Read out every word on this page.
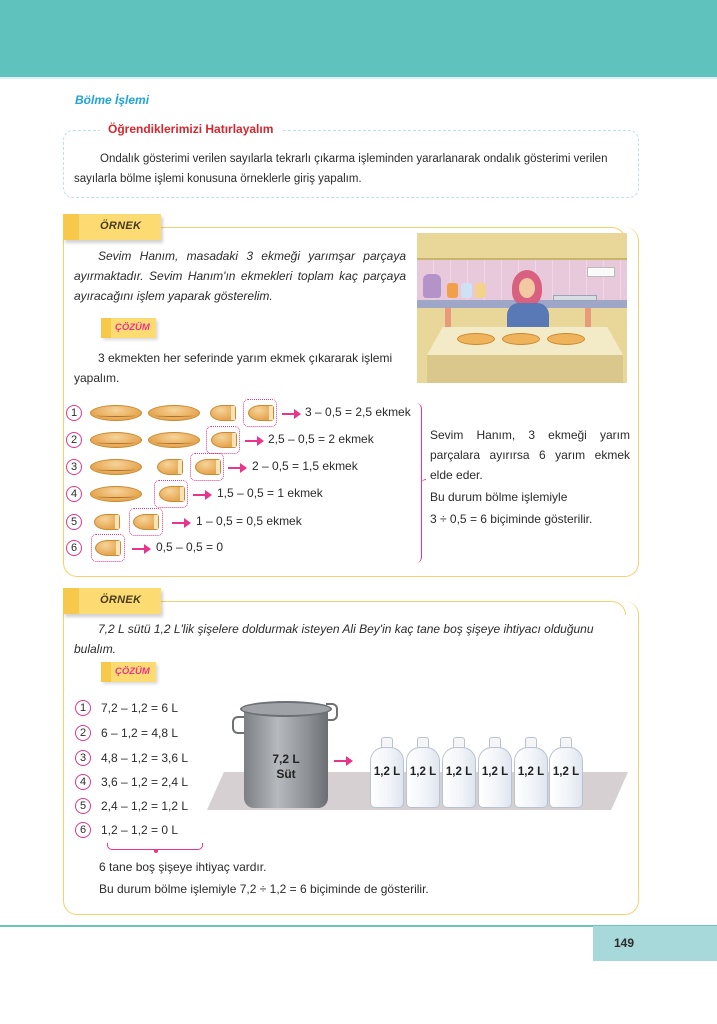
Bölme İşlemi
Öğrendiklerimizi Hatırlayalım
Ondalık gösterimi verilen sayılarla tekrarlı çıkarma işleminden yararlanarak ondalık gösterimi verilen sayılarla bölme işlemi konusuna örneklerle giriş yapalım.
ÖRNEK
Sevim Hanım, masadaki 3 ekmeği yarımşar parçaya ayırmaktadır. Sevim Hanım'ın ekmekleri toplam kaç parçaya ayıracağını işlem yaparak gösterelim.
ÇÖZÜM
3 ekmekten her seferinde yarım ekmek çıkararak işlemi yapalım.
1	3 – 0,5 = 2,5 ekmek
2	2,5 – 0,5 = 2 ekmek
3	2 – 0,5 = 1,5 ekmek
4	1,5 – 0,5 = 1 ekmek
5	1 – 0,5 = 0,5 ekmek
6	0,5 – 0,5 = 0
Sevim Hanım, 3 ekmeği yarım parçalara ayırırsa 6 yarım ekmek elde eder.
Bu durum bölme işlemiyle
3 ÷ 0,5 = 6 biçiminde gösterilir.
ÖRNEK
7,2 L sütü 1,2 L'lik şişelere doldurmak isteyen Ali Bey'in kaç tane boş şişeye ihtiyacı olduğunu bulalım.
ÇÖZÜM
1	7,2 – 1,2 = 6 L
2	6 – 1,2 = 4,8 L
3	4,8 – 1,2 = 3,6 L
4	3,6 – 1,2 = 2,4 L
5	2,4 – 1,2 = 1,2 L
6	1,2 – 1,2 = 0 L
7,2 L
Süt	1,2 L 1,2 L 1,2 L 1,2 L 1,2 L 1,2 L
6 tane boş şişeye ihtiyaç vardır.
Bu durum bölme işlemiyle 7,2 ÷ 1,2 = 6 biçiminde de gösterilir.
149
